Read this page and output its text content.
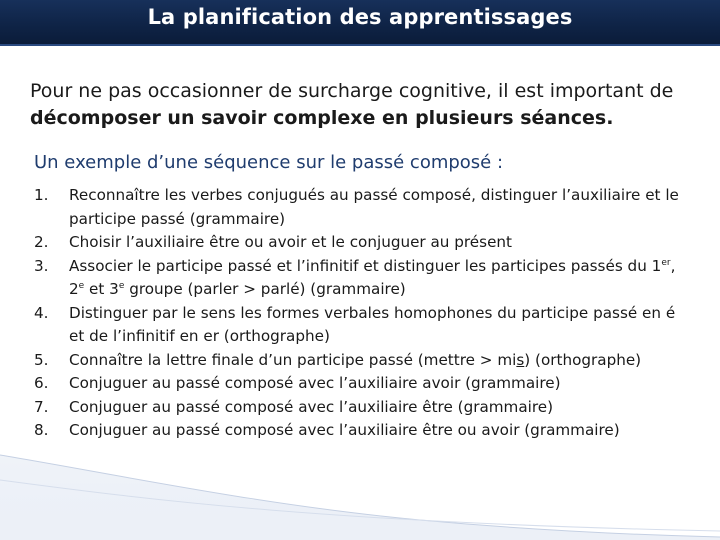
La planification des apprentissages
Pour ne pas occasionner de surcharge cognitive, il est important de
décomposer un savoir complexe en plusieurs séances.
Un exemple d’une séquence sur le passé composé :
1. Reconnaître les verbes conjugués au passé composé, distinguer l’auxiliaire et le participe passé (grammaire)
2. Choisir l’auxiliaire être ou avoir et le conjuguer au présent
3. Associer le participe passé et l’infinitif et distinguer les participes passés du 1er, 2e et 3e groupe (parler > parlé) (grammaire)
4. Distinguer par le sens les formes verbales homophones du participe passé en é et de l’infinitif en er (orthographe)
5. Connaître la lettre finale d’un participe passé (mettre > mis) (orthographe)
6. Conjuguer au passé composé avec l’auxiliaire avoir (grammaire)
7. Conjuguer au passé composé avec l’auxiliaire être (grammaire)
8. Conjuguer au passé composé avec l’auxiliaire être ou avoir (grammaire)
